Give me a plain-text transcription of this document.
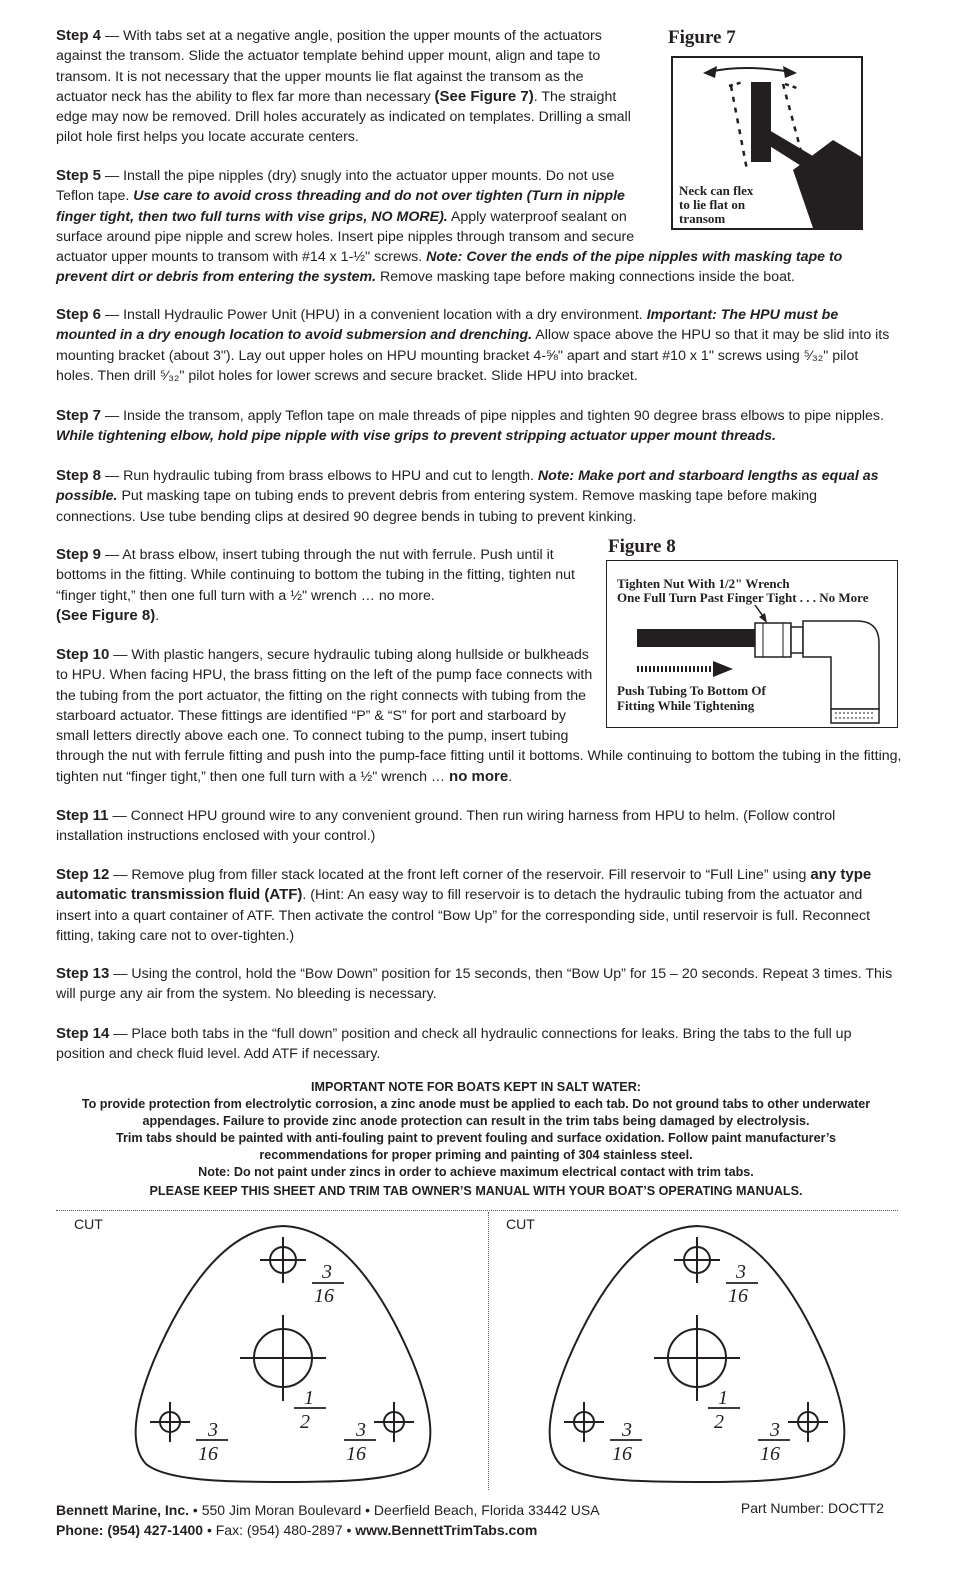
Step 4 — With tabs set at a negative angle, position the upper mounts of the actuators against the transom. Slide the actuator template behind upper mount, align and tape to transom. It is not necessary that the upper mounts lie flat against the transom as the actuator neck has the ability to flex far more than necessary (See Figure 7). The straight edge may now be removed. Drill holes accurately as indicated on templates. Drilling a small pilot hole first helps you locate accurate centers.

Step 5 — Install the pipe nipples (dry) snugly into the actuator upper mounts. Do not use Teflon tape. Use care to avoid cross threading and do not over tighten (Turn in nipple finger tight, then two full turns with vise grips, NO MORE). Apply waterproof sealant on surface around pipe nipple and screw holes. Insert pipe nipples through transom and secure actuator upper mounts to transom with #14 x 1-½" screws. Note: Cover the ends of the pipe nipples with masking tape to prevent dirt or debris from entering the system. Remove masking tape before making connections inside the boat.

Step 6 — Install Hydraulic Power Unit (HPU) in a convenient location with a dry environment. Important: The HPU must be mounted in a dry enough location to avoid submersion and drenching. Allow space above the HPU so that it may be slid into its mounting bracket (about 3"). Lay out upper holes on HPU mounting bracket 4-⅝" apart and start #10 x 1" screws using ⁵⁄₃₂" pilot holes. Then drill ⁵⁄₃₂" pilot holes for lower screws and secure bracket. Slide HPU into bracket.

Step 7 — Inside the transom, apply Teflon tape on male threads of pipe nipples and tighten 90 degree brass elbows to pipe nipples. While tightening elbow, hold pipe nipple with vise grips to prevent stripping actuator upper mount threads.

Step 8 — Run hydraulic tubing from brass elbows to HPU and cut to length. Note: Make port and starboard lengths as equal as possible. Put masking tape on tubing ends to prevent debris from entering system. Remove masking tape before making connections. Use tube bending clips at desired 90 degree bends in tubing to prevent kinking.

Step 9 — At brass elbow, insert tubing through the nut with ferrule. Push until it bottoms in the fitting. While continuing to bottom the tubing in the fitting, tighten nut “finger tight,” then one full turn with a ½" wrench … no more.
(See Figure 8).

Step 10 — With plastic hangers, secure hydraulic tubing along hullside or bulkheads to HPU. When facing HPU, the brass fitting on the left of the pump face connects with the tubing from the port actuator, the fitting on the right connects with tubing from the starboard actuator. These fittings are identified “P” & “S” for port and starboard by small letters directly above each one. To connect tubing to the pump, insert tubing through the nut with ferrule fitting and push into the pump-face fitting until it bottoms. While continuing to bottom the tubing in the fitting, tighten nut “finger tight,” then one full turn with a ½" wrench … no more.

Step 11 — Connect HPU ground wire to any convenient ground. Then run wiring harness from HPU to helm. (Follow control installation instructions enclosed with your control.)

Step 12 — Remove plug from filler stack located at the front left corner of the reservoir. Fill reservoir to “Full Line” using any type automatic transmission fluid (ATF). (Hint: An easy way to fill reservoir is to detach the hydraulic tubing from the actuator and insert into a quart container of ATF. Then activate the control “Bow Up” for the corresponding side, until reservoir is full. Reconnect fitting, taking care not to over-tighten.)

Step 13 — Using the control, hold the “Bow Down” position for 15 seconds, then “Bow Up” for 15 – 20 seconds. Repeat 3 times. This will purge any air from the system. No bleeding is necessary.

Step 14 — Place both tabs in the “full down” position and check all hydraulic connections for leaks. Bring the tabs to the full up position and check fluid level. Add ATF if necessary.

Figure 7
Neck can flex
to lie flat on
transom
Figure 8
Tighten Nut With 1/2" Wrench
One Full Turn Past Finger Tight . . . No More
Push Tubing To Bottom Of
Fitting While Tightening
IMPORTANT NOTE FOR BOATS KEPT IN SALT WATER:
To provide protection from electrolytic corrosion, a zinc anode must be applied to each tab. Do not ground tabs to other underwater
appendages. Failure to provide zinc anode protection can result in the trim tabs being damaged by electrolysis.
Trim tabs should be painted with anti-fouling paint to prevent fouling and surface oxidation. Follow paint manufacturer’s
recommendations for proper priming and painting of 304 stainless steel.
Note: Do not paint under zincs in order to achieve maximum electrical contact with trim tabs.
PLEASE KEEP THIS SHEET AND TRIM TAB OWNER’S MANUAL WITH YOUR BOAT’S OPERATING MANUALS.
CUT	CUT
3
16
1
2
3
16
3
16
3
16
1
2
3
16
3
16
Bennett Marine, Inc. • 550 Jim Moran Boulevard • Deerfield Beach, Florida 33442 USA
Phone: (954) 427-1400 • Fax: (954) 480-2897 • www.BennettTrimTabs.com
Part Number: DOCTT2
